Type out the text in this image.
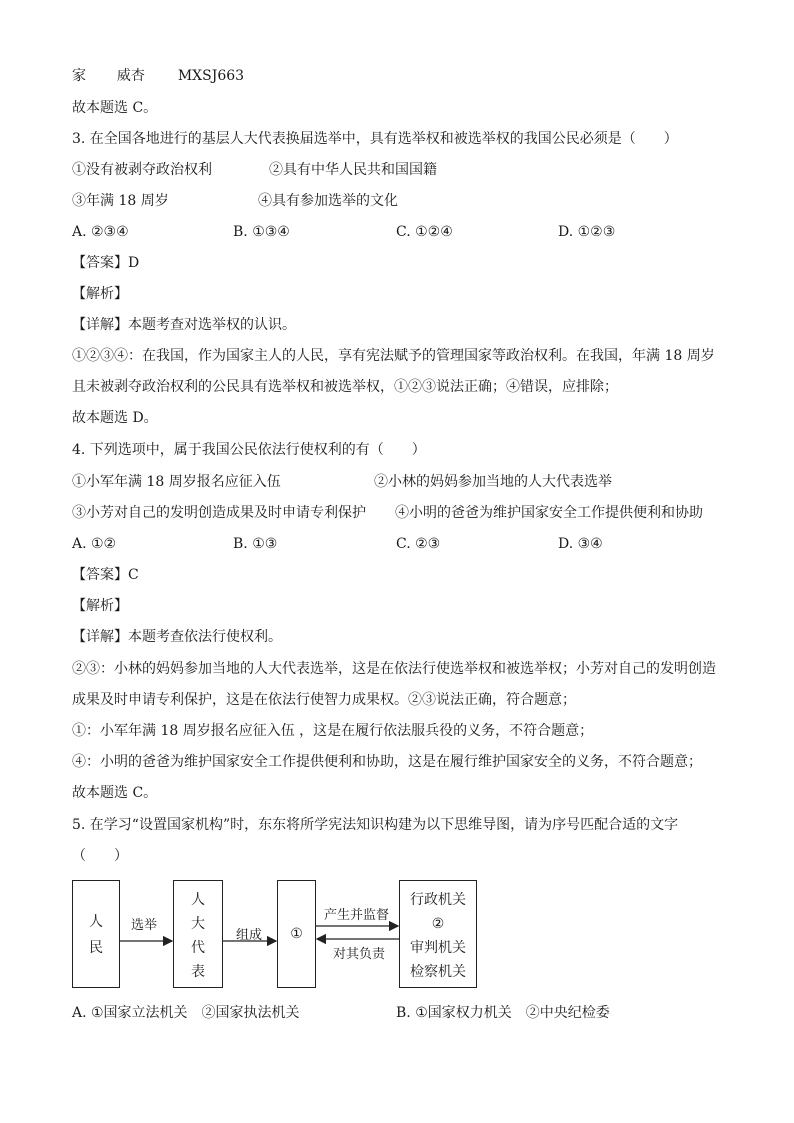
家 威杏 MXSJ663
故本题选 C。
3. 在全国各地进行的基层人大代表换届选举中，具有选举权和被选举权的我国公民必须是（　　）
①没有被剥夺政治权利	②具有中华人民共和国国籍
③年满 18 周岁	④具有参加选举的文化
A. ②③④	B. ①③④	C. ①②④	D. ①②③
【答案】D
【解析】
【详解】本题考查对选举权的认识。
①②③④：在我国，作为国家主人的人民，享有宪法赋予的管理国家等政治权利。在我国，年满 18 周岁
且未被剥夺政治权利的公民具有选举权和被选举权，①②③说法正确；④错误，应排除；
故本题选 D。
4. 下列选项中，属于我国公民依法行使权利的有（　　）
①小军年满 18 周岁报名应征入伍	②小林的妈妈参加当地的人大代表选举
③小芳对自己的发明创造成果及时申请专利保护 ④小明的爸爸为维护国家安全工作提供便利和协助
A. ①②	B. ①③	C. ②③	D. ③④
【答案】C
【解析】
【详解】本题考查依法行使权利。
②③：小林的妈妈参加当地的人大代表选举，这是在依法行使选举权和被选举权；小芳对自己的发明创造
成果及时申请专利保护，这是在依法行使智力成果权。②③说法正确，符合题意；
①：小军年满 18 周岁报名应征入伍 ，这是在履行依法服兵役的义务，不符合题意；
④：小明的爸爸为维护国家安全工作提供便利和协助，这是在履行维护国家安全的义务，不符合题意；
故本题选 C。
5. 在学习“设置国家机构”时，东东将所学宪法知识构建为以下思维导图，请为序号匹配合适的文字
（　　）
人
民
人
大
代
表
①
行政机关
②
审判机关
检察机关
选举
组成
产生并监督
对其负责
A. ①国家立法机关　②国家执法机关	B. ①国家权力机关　②中央纪检委
